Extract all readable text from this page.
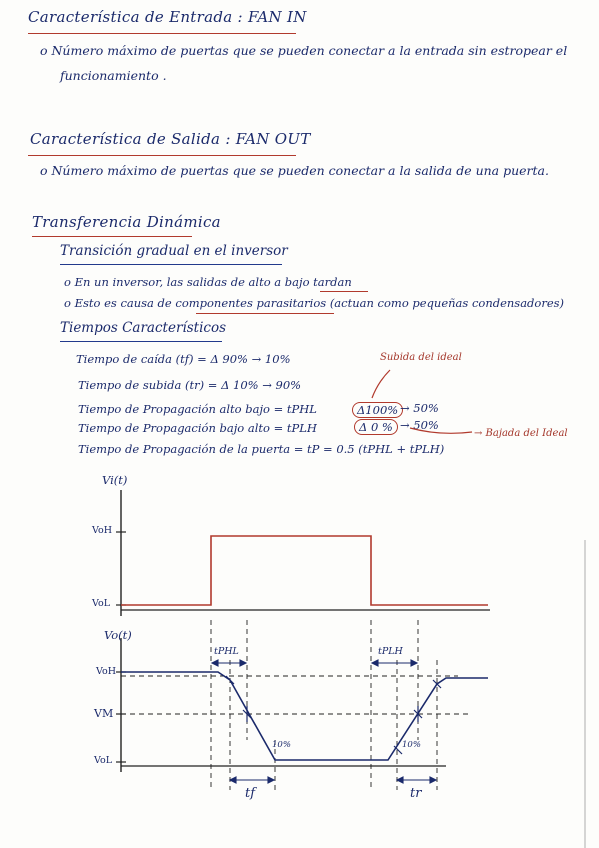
Característica de Entrada : FAN IN
o Número máximo de puertas que se pueden conectar a la entrada sin estropear el
funcionamiento .
Característica de Salida : FAN OUT
o Número máximo de puertas que se pueden conectar a la salida de una puerta.
Transferencia Dinámica
Transición gradual en el inversor
o En un inversor, las salidas de alto a bajo tardan
o Esto es causa de componentes parasitarios (actuan como pequeñas condensadores)
Tiempos Característicos
Tiempo de caída (tf) = Δ 90% → 10%
Tiempo de subida (tr) = Δ 10% → 90%
Tiempo de Propagación alto bajo = tPHL
Tiempo de Propagación bajo alto = tPLH
Tiempo de Propagación de la puerta = tP = 0.5 (tPHL + tPLH)
Subida del ideal
Δ100% → 50%
Δ 0 % → 50%
→ Bajada del Ideal
Vi(t)
VoH
VoL
Vo(t)
VoH
VM
VoL
tPHL	tPLH
10%	10%
tf	tr
